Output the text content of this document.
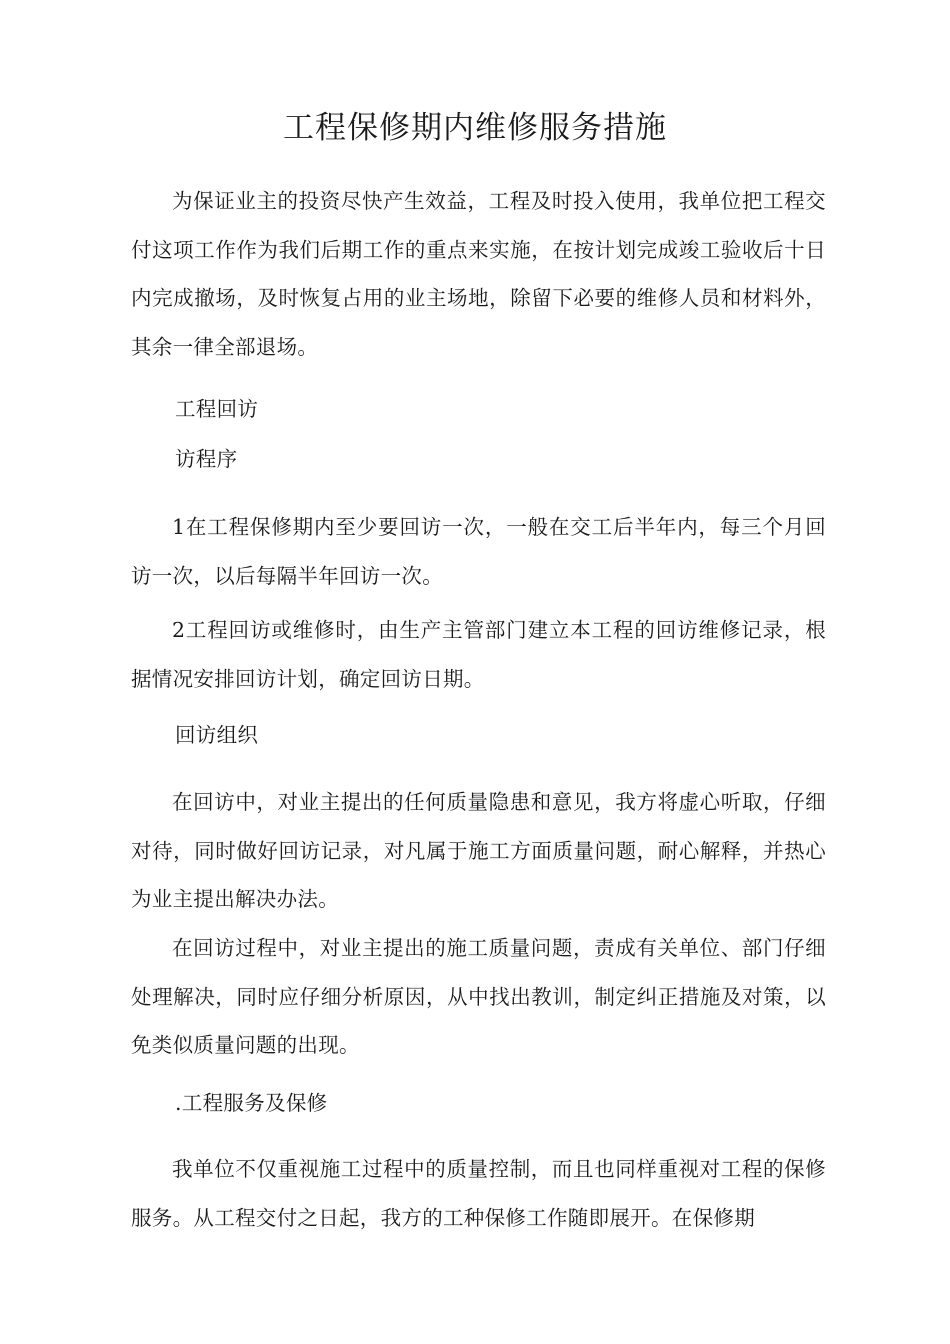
工程保修期内维修服务措施

为保证业主的投资尽快产生效益，工程及时投入使用，我单位把工程交付这项工作作为我们后期工作的重点来实施，在按计划完成竣工验收后十日内完成撤场，及时恢复占用的业主场地，除留下必要的维修人员和材料外，其余一律全部退场。

工程回访

访程序

1在工程保修期内至少要回访一次，一般在交工后半年内，每三个月回访一次，以后每隔半年回访一次。

2工程回访或维修时，由生产主管部门建立本工程的回访维修记录，根据情况安排回访计划，确定回访日期。

回访组织

在回访中，对业主提出的任何质量隐患和意见，我方将虚心听取，仔细对待，同时做好回访记录，对凡属于施工方面质量问题，耐心解释，并热心为业主提出解决办法。

在回访过程中，对业主提出的施工质量问题，责成有关单位、部门仔细处理解决，同时应仔细分析原因，从中找出教训，制定纠正措施及对策，以免类似质量问题的出现。

.工程服务及保修

我单位不仅重视施工过程中的质量控制，而且也同样重视对工程的保修服务。从工程交付之日起，我方的工种保修工作随即展开。在保修期
